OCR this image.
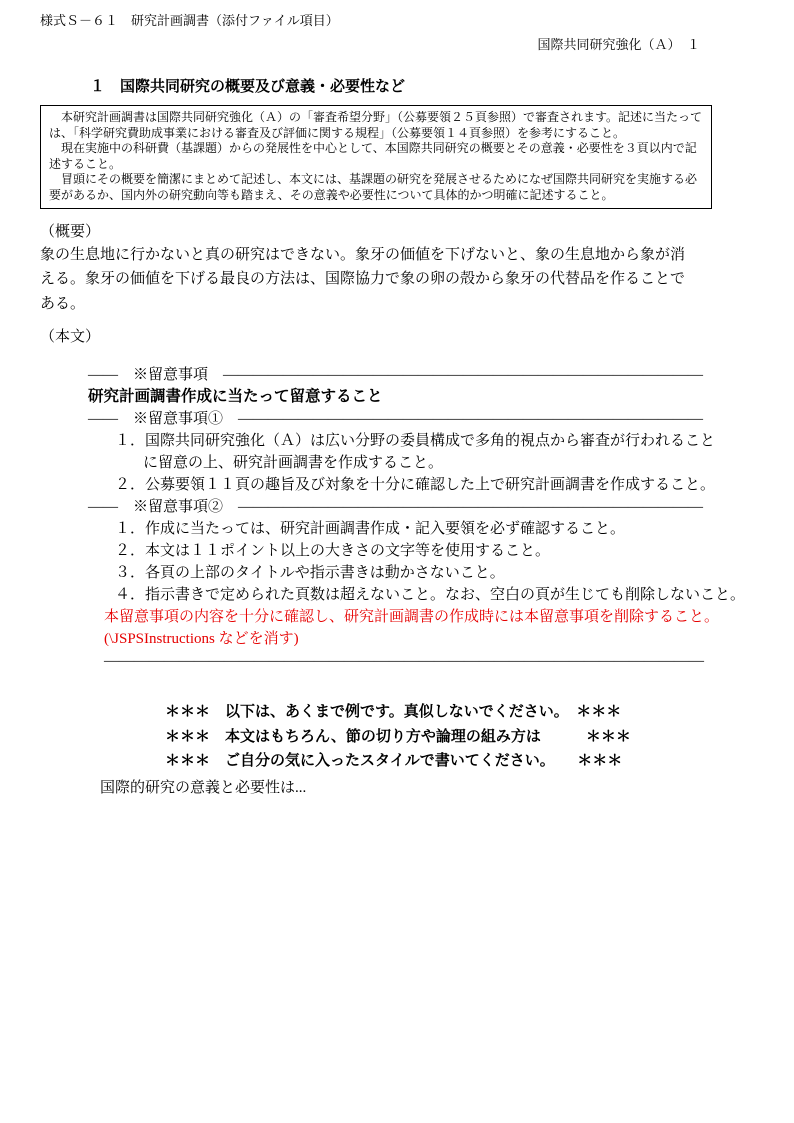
様式Ｓ－６１　研究計画調書（添付ファイル項目）
国際共同研究強化（Ａ）　１
１　国際共同研究の概要及び意義・必要性など

本研究計画調書は国際共同研究強化（Ａ）の「審査希望分野」（公募要領２５頁参照）で審査されます。記述に当たっては、「科学研究費助成事業における審査及び評価に関する規程」（公募要領１４頁参照）を参考にすること。

現在実施中の科研費（基課題）からの発展性を中心として、本国際共同研究の概要とその意義・必要性を３頁以内で記述すること。

冒頭にその概要を簡潔にまとめて記述し、本文には、基課題の研究を発展させるためになぜ国際共同研究を実施する必要があるか、国内外の研究動向等も踏まえ、その意義や必要性について具体的かつ明確に記述すること。

（概要）

象の生息地に行かないと真の研究はできない。象牙の価値を下げないと、象の生息地から象が消える。象牙の価値を下げる最良の方法は、国際協力で象の卵の殻から象牙の代替品を作ることである。

（本文）
――　※留意事項　――――――――――――――――――――――――――――――――
研究計画調書作成に当たって留意すること
――　※留意事項①　―――――――――――――――――――――――――――――――
１．国際共同研究強化（Ａ）は広い分野の委員構成で多角的視点から審査が行われること
に留意の上、研究計画調書を作成すること。
２．公募要領１１頁の趣旨及び対象を十分に確認した上で研究計画調書を作成すること。
――　※留意事項②　―――――――――――――――――――――――――――――――
１．作成に当たっては、研究計画調書作成・記入要領を必ず確認すること。
２．本文は１１ポイント以上の大きさの文字等を使用すること。
３．各頁の上部のタイトルや指示書きは動かさないこと。
４．指示書きで定められた頁数は超えないこと。なお、空白の頁が生じても削除しないこと。
本留意事項の内容を十分に確認し、研究計画調書の作成時には本留意事項を削除すること。
(\JSPSInstructions などを消す)
――――――――――――――――――――――――――――――――――――――――
＊＊＊　以下は、あくまで例です。真似しないでください。　＊＊＊
＊＊＊　本文はもちろん、節の切り方や論理の組み方は　　　＊＊＊
＊＊＊　ご自分の気に入ったスタイルで書いてください。　　＊＊＊
国際的研究の意義と必要性は...
